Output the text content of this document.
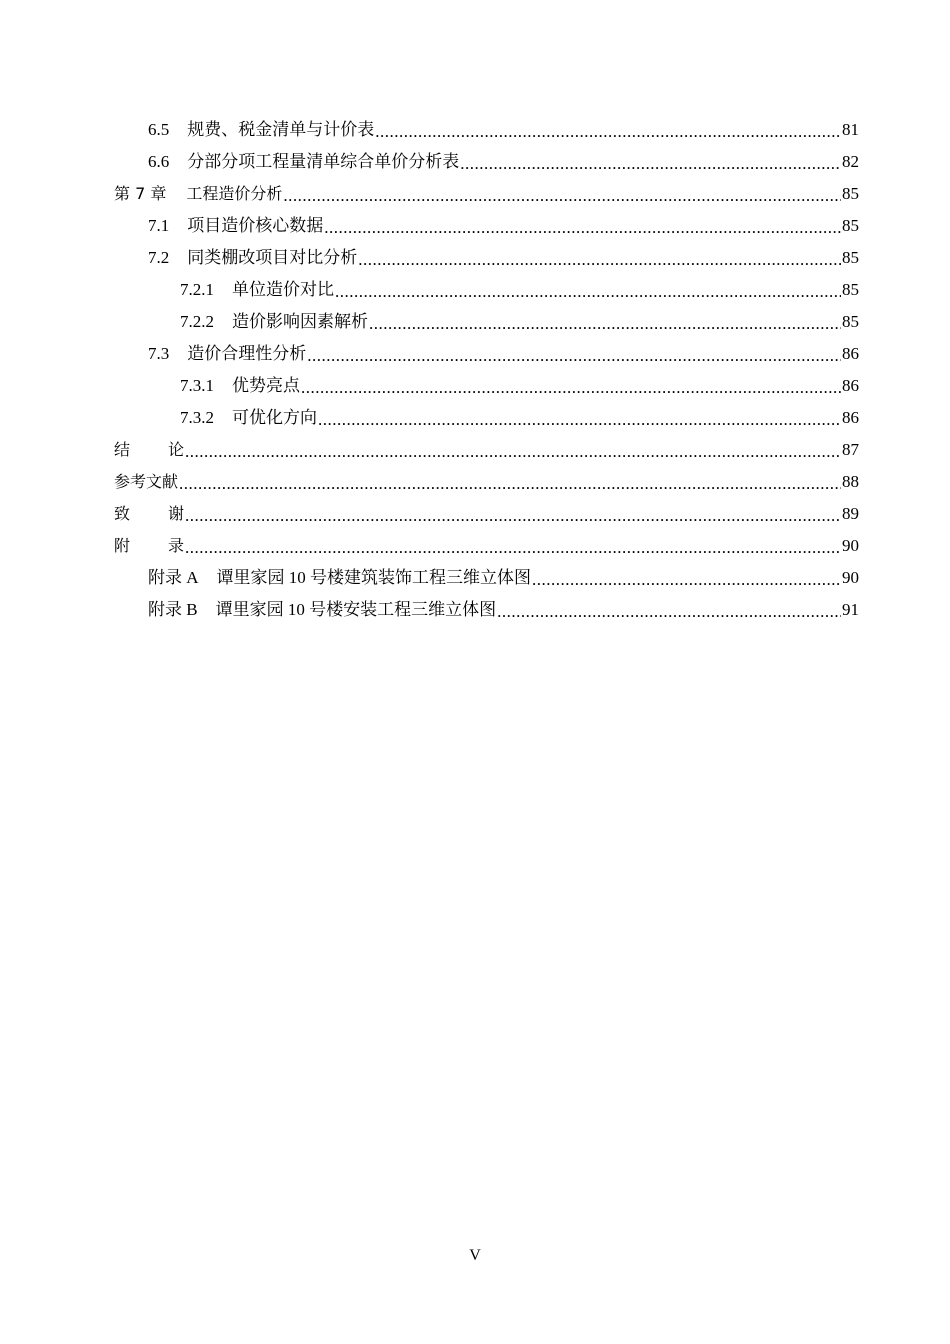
6.5 规费、税金清单与计价表 .....	81
6.6 分部分项工程量清单综合单价分析表 .....	82
第 7 章 工程造价分析 .....	85
7.1 项目造价核心数据 .....	85
7.2 同类棚改项目对比分析 .....	85
7.2.1 单位造价对比 .....	85
7.2.2 造价影响因素解析 .....	85
7.3 造价合理性分析 .....	86
7.3.1 优势亮点 .....	86
7.3.2 可优化方向 .....	86
结论 .....	87
参考文献 .....	88
致谢 .....	89
附录 .....	90
附录 A 谭里家园 10 号楼建筑装饰工程三维立体图 .....	90
附录 B 谭里家园 10 号楼安装工程三维立体图 .....	91
V
